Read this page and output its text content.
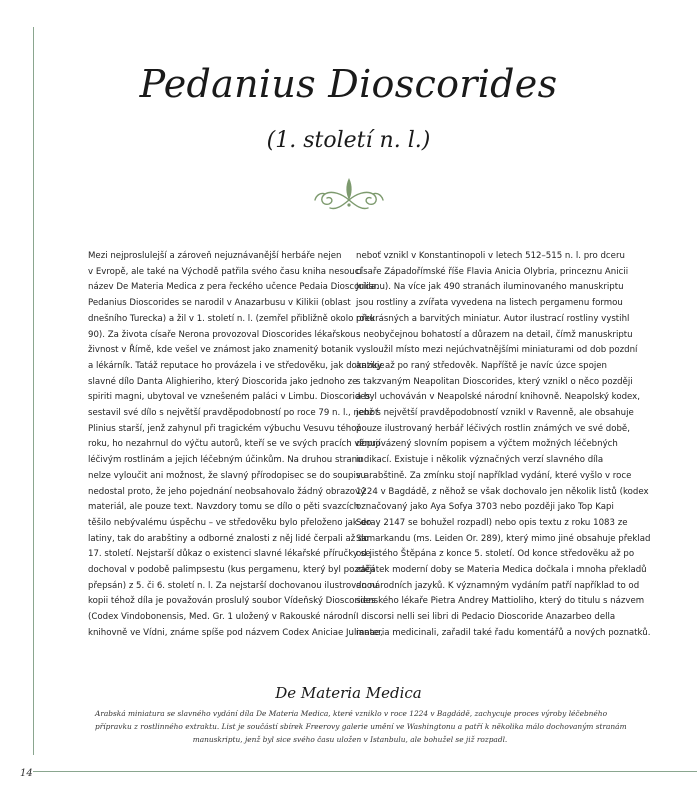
Pedanius Dioscorides
(1. století n. l.)
Mezi nejproslulejší a zároveň nejuznávanější herbáře nejen
v Evropě, ale také na Východě patřila svého času kniha nesoucí
název De Materia Medica z pera řeckého učence Pedaia Dioscorida.
Pedanius Dioscorides se narodil v Anazarbusu v Kilikii (oblast
dnešního Turecka) a žil v 1. století n. l. (zemřel přibližně okolo roku
90). Za života císaře Nerona provozoval Dioscorides lékařskou
živnost v Římě, kde vešel ve známost jako znamenitý botanik
a lékárník. Tatáž reputace ho provázela i ve středověku, jak dokazuje
slavné dílo Danta Alighieriho, který Dioscorida jako jednoho ze
spiriti magni, ubytoval ve vznešeném paláci v Limbu. Dioscorides
sestavil své dílo s největší pravděpodobností po roce 79 n. l., neboť
Plinius starší, jenž zahynul při tragickém výbuchu Vesuvu téhož
roku, ho nezahrnul do výčtu autorů, kteří se ve svých pracích věnují
léčivým rostlinám a jejich léčebným účinkům. Na druhou stranu
nelze vyloučit ani možnost, že slavný přírodopisec se do soupisu
nedostal proto, že jeho pojednání neobsahovalo žádný obrazový
materiál, ale pouze text. Navzdory tomu se dílo o pěti svazcích
těšilo nebývalému úspěchu – ve středověku bylo přeloženo jak do
latiny, tak do arabštiny a odborné znalosti z něj lidé čerpali až do
17. století. Nejstarší důkaz o existenci slavné lékařské příručky se
dochoval v podobě palimpsestu (kus pergamenu, který byl později
přepsán) z 5. či 6. století n. l. Za nejstarší dochovanou ilustrovanou
kopii téhož díla je považován proslulý soubor Vídeňský Dioscorides
(Codex Vindobonensis, Med. Gr. 1 uložený v Rakouské národní
knihovně ve Vídni, známe spíše pod názvem Codex Aniciae Julianae,
neboť vznikl v Konstantinopoli v letech 512–515 n. l. pro dceru
císaře Západořímské říše Flavia Anicia Olybria, princeznu Anicii
Julianu). Na více jak 490 stranách iluminovaného manuskriptu
jsou rostliny a zvířata vyvedena na listech pergamenu formou
překrásných a barvitých miniatur. Autor ilustrací rostliny vystihl
s neobyčejnou bohatostí a důrazem na detail, čímž manuskriptu
vysloužil místo mezi nejúchvatnějšími miniaturami od dob pozdní
antiky až po raný středověk. Napříště je navíc úzce spojen
s takzvaným Neapolitan Dioscorides, který vznikl o něco později
a byl uchováván v Neapolské národní knihovně. Neapolský kodex,
jenž s největší pravděpodobností vznikl v Ravenně, ale obsahuje
pouze ilustrovaný herbář léčivých rostlin známých ve své době,
doprovázený slovním popisem a výčtem možných léčebných
indikací. Existuje i několik význačných verzí slavného díla
v arabštině. Za zmínku stojí například vydání, které vyšlo v roce
1224 v Bagdádě, z něhož se však dochovalo jen několik listů (kodex
označovaný jako Aya Sofya 3703 nebo později jako Top Kapi
Seray 2147 se bohužel rozpadl) nebo opis textu z roku 1083 ze
Samarkandu (ms. Leiden Or. 289), který mimo jiné obsahuje překlad
od jistého Štěpána z konce 5. století. Od konce středověku až po
začátek moderní doby se Materia Medica dočkala i mnoha překladů
do národních jazyků. K významným vydáním patří například to od
sienského lékaře Pietra Andrey Mattioliho, který do titulu s názvem
I discorsi nelli sei libri di Pedacio Dioscoride Anazarbeo della
materia medicinali, zařadil také řadu komentářů a nových poznatků.
De Materia Medica
Arabská miniatura se slavného vydání díla De Materia Medica, které vzniklo v roce 1224 v Bagdádě, zachycuje proces výroby léčebného
přípravku z rostlinného extraktu. List je součástí sbírek Freerovy galerie umění ve Washingtonu a patří k několika málo dochovaným stranám
manuskriptu, jenž byl sice svého času uložen v Istanbulu, ale bohužel se již rozpadl.
14
